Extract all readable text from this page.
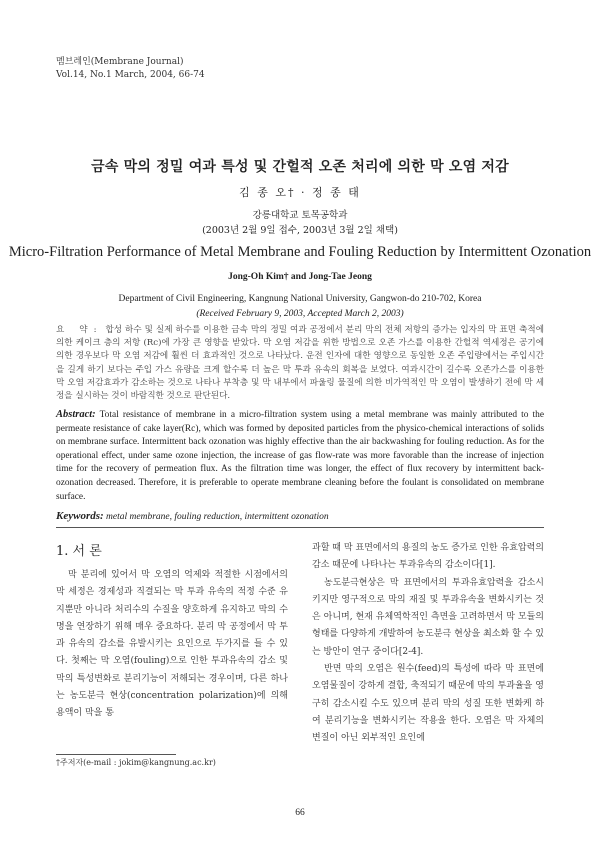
멤브레인(Membrane Journal)
Vol.14, No.1 March, 2004, 66-74
금속 막의 정밀 여과 특성 및 간헐적 오존 처리에 의한 막 오염 저감
김 종 오† · 정 종 태
강릉대학교 토목공학과
(2003년 2월 9일 접수, 2003년 3월 2일 채택)
Micro-Filtration Performance of Metal Membrane and Fouling Reduction by Intermittent Ozonation
Jong-Oh Kim† and Jong-Tae Jeong
Department of Civil Engineering, Kangnung National University, Gangwon-do 210-702, Korea
(Received February 9, 2003, Accepted March 2, 2003)
요 약: 합성 하수 및 실제 하수를 이용한 금속 막의 정밀 여과 공정에서 분리 막의 전체 저항의 증가는 입자의 막 표면 축적에 의한 케이크 층의 저항 (Rc)에 가장 큰 영향을 받았다. 막 오염 저감을 위한 방법으로 오존 가스를 이용한 간헐적 역세정은 공기에 의한 경우보다 막 오염 저감에 훨씬 더 효과적인 것으로 나타났다. 운전 인자에 대한 영향으로 동일한 오존 주입량에서는 주입시간을 길게 하기 보다는 주입 가스 유량을 크게 할수록 더 높은 막 투과 유속의 회복을 보였다. 여과시간이 길수록 오존가스를 이용한 막 오염 저감효과가 감소하는 것으로 나타나 부착층 및 막 내부에서 파울링 물질에 의한 비가역적인 막 오염이 발생하기 전에 막 세정을 실시하는 것이 바람직한 것으로 판단된다.
Abstract: Total resistance of membrane in a micro-filtration system using a metal membrane was mainly attributed to the permeate resistance of cake layer(Rc), which was formed by deposited particles from the physico-chemical interactions of solids on membrane surface. Intermittent back ozonation was highly effective than the air backwashing for fouling reduction. As for the operational effect, under same ozone injection, the increase of gas flow-rate was more favorable than the increase of injection time for the recovery of permeation flux. As the filtration time was longer, the effect of flux recovery by intermittent back-ozonation decreased. Therefore, it is preferable to operate membrane cleaning before the foulant is consolidated on membrane surface.
Keywords: metal membrane, fouling reduction, intermittent ozonation
1. 서 론

막 분리에 있어서 막 오염의 억제와 적절한 시점에서의 막 세정은 경제성과 직결되는 막 투과 유속의 적정 수준 유지뿐만 아니라 처리수의 수질을 양호하게 유지하고 막의 수명을 연장하기 위해 매우 중요하다. 분리 막 공정에서 막 투과 유속의 감소를 유발시키는 요인으로 두가지를 들 수 있다. 첫째는 막 오염(fouling)으로 인한 투과유속의 감소 및 막의 특성변화로 분리기능이 저해되는 경우이며, 다른 하나는 농도분극 현상(concentration polarization)에 의해 용액이 막을 통

과할 때 막 표면에서의 용질의 농도 증가로 인한 유효압력의 감소 때문에 나타나는 투과유속의 감소이다[1].

농도분극현상은 막 표면에서의 투과유효압력을 감소시키지만 영구적으로 막의 재질 및 투과유속을 변화시키는 것은 아니며, 현재 유체역학적인 측면을 고려하면서 막 모듈의 형태를 다양하게 개발하여 농도분극 현상을 최소화 할 수 있는 방안이 연구 중이다[2-4].

반면 막의 오염은 원수(feed)의 특성에 따라 막 표면에 오염물질이 강하게 결합, 축적되기 때문에 막의 투과율을 영구히 감소시킬 수도 있으며 분리 막의 성질 또한 변화케 하여 분리기능을 변화시키는 작용을 한다. 오염은 막 자체의 변질이 아닌 외부적인 요인에

†주저자(e-mail : jokim@kangnung.ac.kr)
66
